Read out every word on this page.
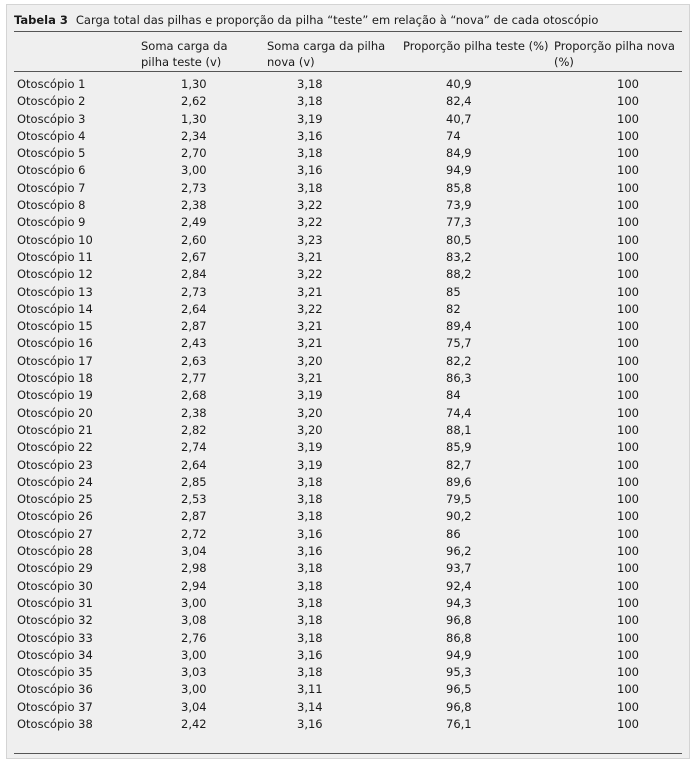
Tabela 3 Carga total das pilhas e proporção da pilha “teste” em relação à “nova” de cada otoscópio
	Soma carga da pilha teste (v)	Soma carga da pilha nova (v)	Proporção pilha teste (%)	Proporção pilha nova (%)
Otoscópio 1	1,30	3,18	40,9	100
Otoscópio 2	2,62	3,18	82,4	100
Otoscópio 3	1,30	3,19	40,7	100
Otoscópio 4	2,34	3,16	74	100
Otoscópio 5	2,70	3,18	84,9	100
Otoscópio 6	3,00	3,16	94,9	100
Otoscópio 7	2,73	3,18	85,8	100
Otoscópio 8	2,38	3,22	73,9	100
Otoscópio 9	2,49	3,22	77,3	100
Otoscópio 10	2,60	3,23	80,5	100
Otoscópio 11	2,67	3,21	83,2	100
Otoscópio 12	2,84	3,22	88,2	100
Otoscópio 13	2,73	3,21	85	100
Otoscópio 14	2,64	3,22	82	100
Otoscópio 15	2,87	3,21	89,4	100
Otoscópio 16	2,43	3,21	75,7	100
Otoscópio 17	2,63	3,20	82,2	100
Otoscópio 18	2,77	3,21	86,3	100
Otoscópio 19	2,68	3,19	84	100
Otoscópio 20	2,38	3,20	74,4	100
Otoscópio 21	2,82	3,20	88,1	100
Otoscópio 22	2,74	3,19	85,9	100
Otoscópio 23	2,64	3,19	82,7	100
Otoscópio 24	2,85	3,18	89,6	100
Otoscópio 25	2,53	3,18	79,5	100
Otoscópio 26	2,87	3,18	90,2	100
Otoscópio 27	2,72	3,16	86	100
Otoscópio 28	3,04	3,16	96,2	100
Otoscópio 29	2,98	3,18	93,7	100
Otoscópio 30	2,94	3,18	92,4	100
Otoscópio 31	3,00	3,18	94,3	100
Otoscópio 32	3,08	3,18	96,8	100
Otoscópio 33	2,76	3,18	86,8	100
Otoscópio 34	3,00	3,16	94,9	100
Otoscópio 35	3,03	3,18	95,3	100
Otoscópio 36	3,00	3,11	96,5	100
Otoscópio 37	3,04	3,14	96,8	100
Otoscópio 38	2,42	3,16	76,1	100
